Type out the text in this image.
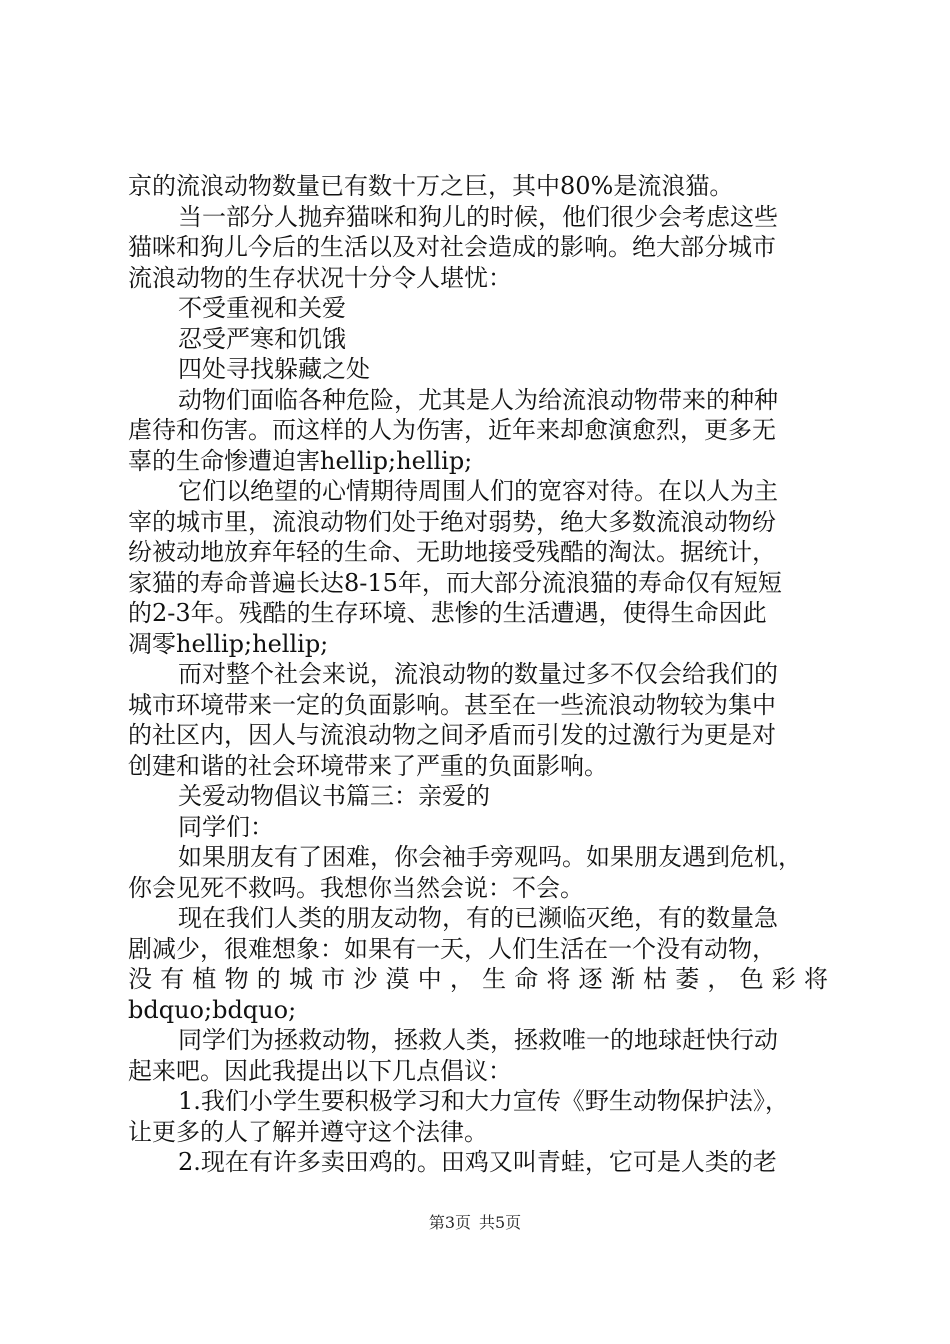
京的流浪动物数量已有数十万之巨，其中80%是流浪猫。
当一部分人抛弃猫咪和狗儿的时候，他们很少会考虑这些
猫咪和狗儿今后的生活以及对社会造成的影响。绝大部分城市
流浪动物的生存状况十分令人堪忧：
不受重视和关爱
忍受严寒和饥饿
四处寻找躲藏之处
动物们面临各种危险，尤其是人为给流浪动物带来的种种
虐待和伤害。而这样的人为伤害，近年来却愈演愈烈，更多无
辜的生命惨遭迫害hellip;hellip;
它们以绝望的心情期待周围人们的宽容对待。在以人为主
宰的城市里，流浪动物们处于绝对弱势，绝大多数流浪动物纷
纷被动地放弃年轻的生命、无助地接受残酷的淘汰。据统计，
家猫的寿命普遍长达8-15年，而大部分流浪猫的寿命仅有短短
的2-3年。残酷的生存环境、悲惨的生活遭遇，使得生命因此
凋零hellip;hellip;
而对整个社会来说，流浪动物的数量过多不仅会给我们的
城市环境带来一定的负面影响。甚至在一些流浪动物较为集中
的社区内，因人与流浪动物之间矛盾而引发的过激行为更是对
创建和谐的社会环境带来了严重的负面影响。
关爱动物倡议书篇三：亲爱的
同学们：
如果朋友有了困难，你会袖手旁观吗。如果朋友遇到危机，
你会见死不救吗。我想你当然会说：不会。
现在我们人类的朋友动物，有的已濒临灭绝，有的数量急
剧减少，很难想象：如果有一天，人们生活在一个没有动物，
没 有 植 物 的 城 市 沙 漠 中 ， 生 命 将 逐 渐 枯 萎 ， 色 彩 将
bdquo;bdquo;
同学们为拯救动物，拯救人类，拯救唯一的地球赶快行动
起来吧。因此我提出以下几点倡议：
1.我们小学生要积极学习和大力宣传《野生动物保护法》，
让更多的人了解并遵守这个法律。
2.现在有许多卖田鸡的。田鸡又叫青蛙，它可是人类的老
第3页 共5页
